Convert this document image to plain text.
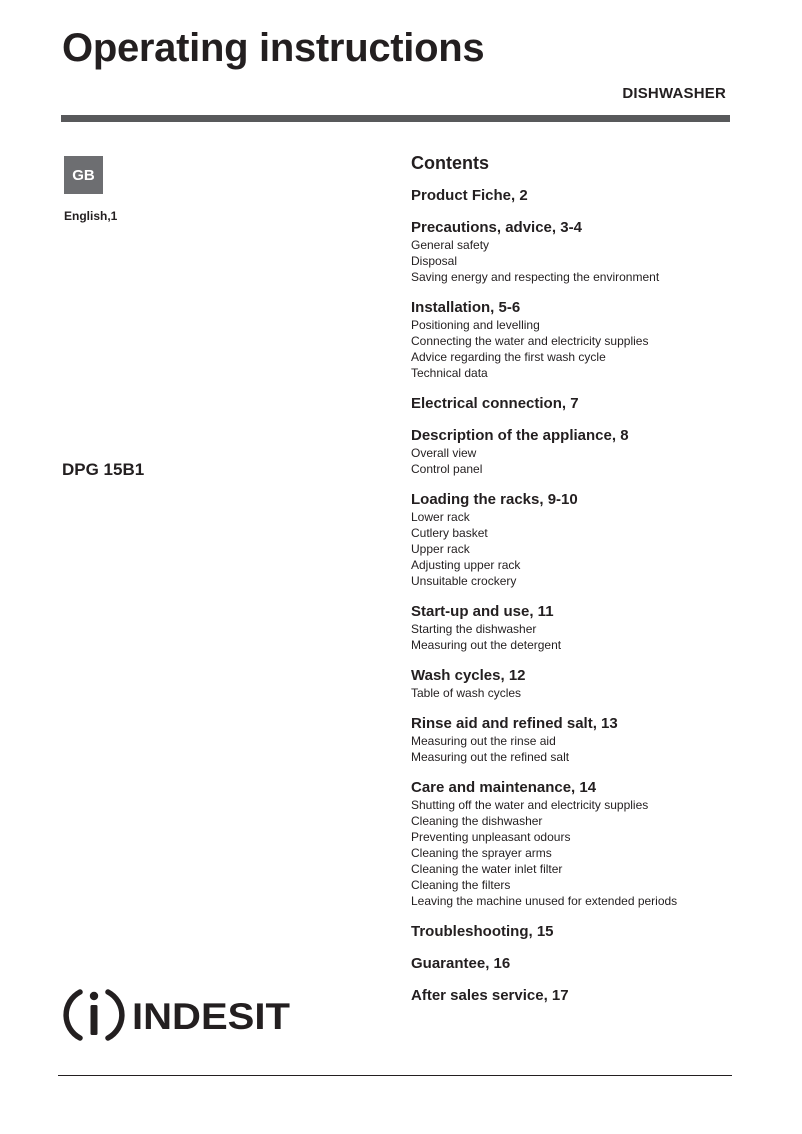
Operating instructions
DISHWASHER
GB
English,1
DPG 15B1
INDESIT
Contents

Product Fiche, 2

Precautions, advice, 3-4

General safety

Disposal

Saving energy and respecting the environment

Installation, 5-6

Positioning and levelling

Connecting the water and electricity supplies

Advice regarding the first wash cycle

Technical data

Electrical connection, 7

Description of the appliance, 8

Overall view

Control panel

Loading the racks, 9-10

Lower rack

Cutlery basket

Upper rack

Adjusting upper rack

Unsuitable crockery

Start-up and use, 11

Starting the dishwasher

Measuring out the detergent

Wash cycles, 12

Table of wash cycles

Rinse aid and refined salt, 13

Measuring out the rinse aid

Measuring out the refined salt

Care and maintenance, 14

Shutting off the water and electricity supplies

Cleaning the dishwasher

Preventing unpleasant odours

Cleaning the sprayer arms

Cleaning the water inlet filter

Cleaning the filters

Leaving the machine unused for extended periods

Troubleshooting, 15

Guarantee, 16

After sales service, 17
